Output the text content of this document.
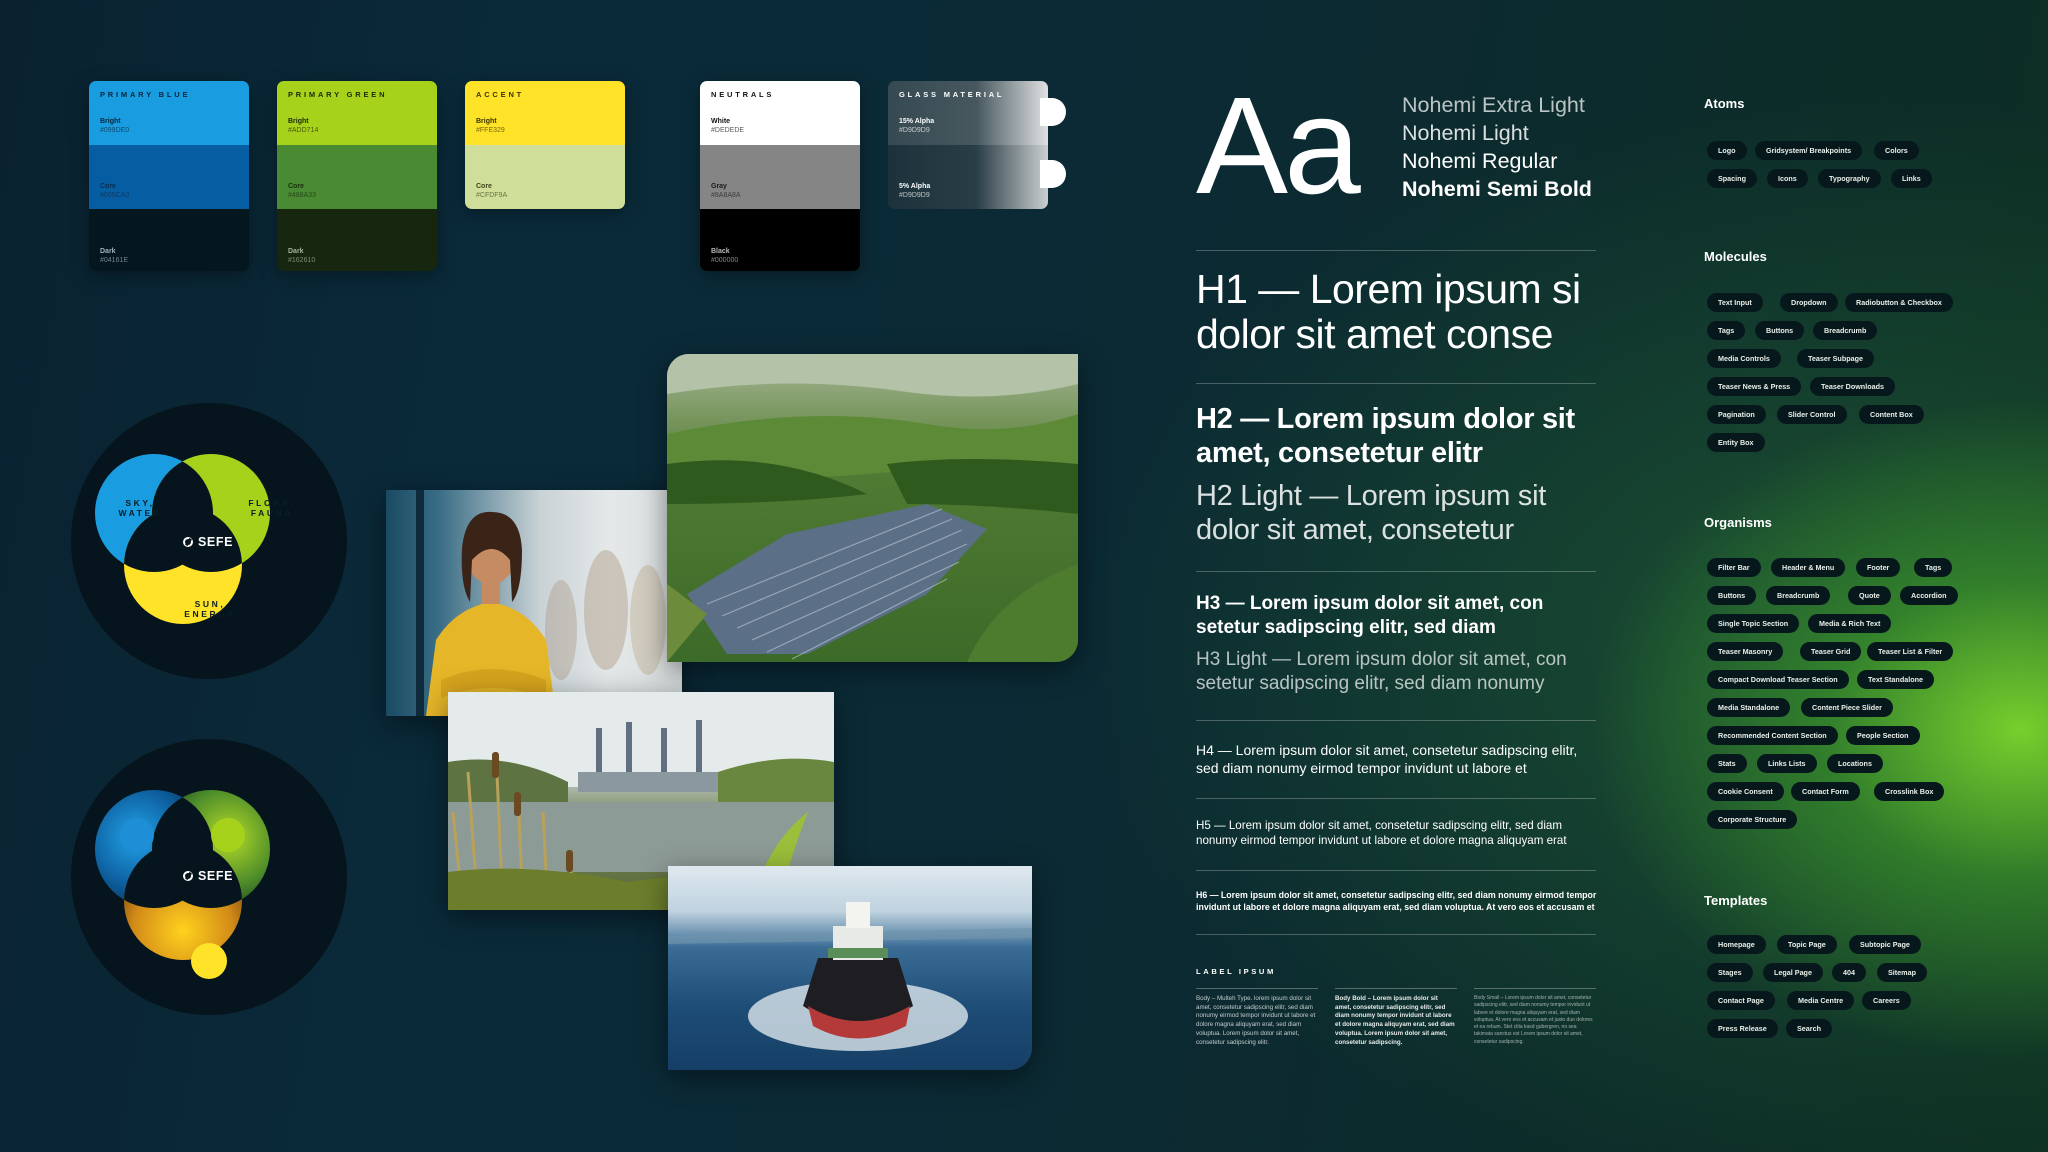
PRIMARY BLUE
Bright
#099DE0
Core
#005CA0
Dark
#04161E
PRIMARY GREEN
Bright
#ADD714
Core
#488A33
Dark
#162610
ACCENT
Bright
#FFE329
Core
#CFDF9A
NEUTRALS
White
#DEDEDE
Gray
#8A8A8A
Black
#000000
GLASS MATERIAL
15% Alpha
#D9D9D9
5% Alpha
#D9D9D9
SKY,
WATER
FLORA,
FAUNA
SUN,
ENERGY
SEFE
SEFE
Aa Nohemi Extra Light
Nohemi Light
Nohemi Regular
Nohemi Semi Bold
H1 — Lorem ipsum si dolor sit amet conse
H2 — Lorem ipsum dolor sit amet, consetetur elitr
H2 Light — Lorem ipsum sit dolor sit amet, consetetur
H3 — Lorem ipsum dolor sit amet, con setetur sadipscing elitr, sed diam
H3 Light — Lorem ipsum dolor sit amet, con setetur sadipscing elitr, sed diam nonumy
H4 — Lorem ipsum dolor sit amet, consetetur sadipscing elitr, sed diam nonumy eirmod tempor invidunt ut labore et
H5 — Lorem ipsum dolor sit amet, consetetur sadipscing elitr, sed diam nonumy eirmod tempor invidunt ut labore et dolore magna aliquyam erat
H6 — Lorem ipsum dolor sit amet, consetetur sadipscing elitr, sed diam nonumy eirmod tempor invidunt ut labore et dolore magna aliquyam erat, sed diam voluptua. At vero eos et accusam et
LABEL IPSUM
Body – Multeh Type. lorem ipsum dolor sit amet, consetetur sadipscing elitr, sed diam nonumy eirmod tempor invidunt ut labore et dolore magna aliquyam erat, sed diam voluptua. Lorem ipsum dolor sit amet, consetetur sadipscing elitr.
Body Bold – Lorem ipsum dolor sit amet, consetetur sadipscing elitr, sed diam nonumy tempor invidunt ut labore et dolore magna aliquyam erat, sed diam voluptua. Lorem ipsum dolor sit amet, consetetur sadipscing.
Body Small – Lorem ipsum dolor sit amet, consetetur sadipscing elitr, sed diam nonumy tempor invidunt ut labore et dolore magna aliquyam erat, sed diam voluptua. At vero eos et accusam et justo duo dolores et ea rebum. Stet clita kasd gubergren, no sea takimata sanctus est Lorem ipsum dolor sit amet, consetetur sadipscing.
Atoms
Molecules
Organisms
Templates
Logo	Gridsystem/ Breakpoints	Colors
Spacing	Icons	Typography	Links
Text Input	Dropdown	Radiobutton & Checkbox
Tags	Buttons	Breadcrumb
Media Controls	Teaser Subpage
Teaser News & Press	Teaser Downloads
Pagination	Slider Control	Content Box
Entity Box
Filter Bar	Header & Menu	Footer	Tags
Buttons	Breadcrumb	Quote	Accordion
Single Topic Section	Media & Rich Text
Teaser Masonry	Teaser Grid	Teaser List & Filter
Compact Download Teaser Section	Text Standalone
Media Standalone	Content Piece Slider
Recommended Content Section	People Section
Stats	Links Lists	Locations
Cookie Consent	Contact Form	Crosslink Box
Corporate Structure
Homepage	Topic Page	Subtopic Page
Stages	Legal Page	404	Sitemap
Contact Page	Media Centre	Careers
Press Release	Search
